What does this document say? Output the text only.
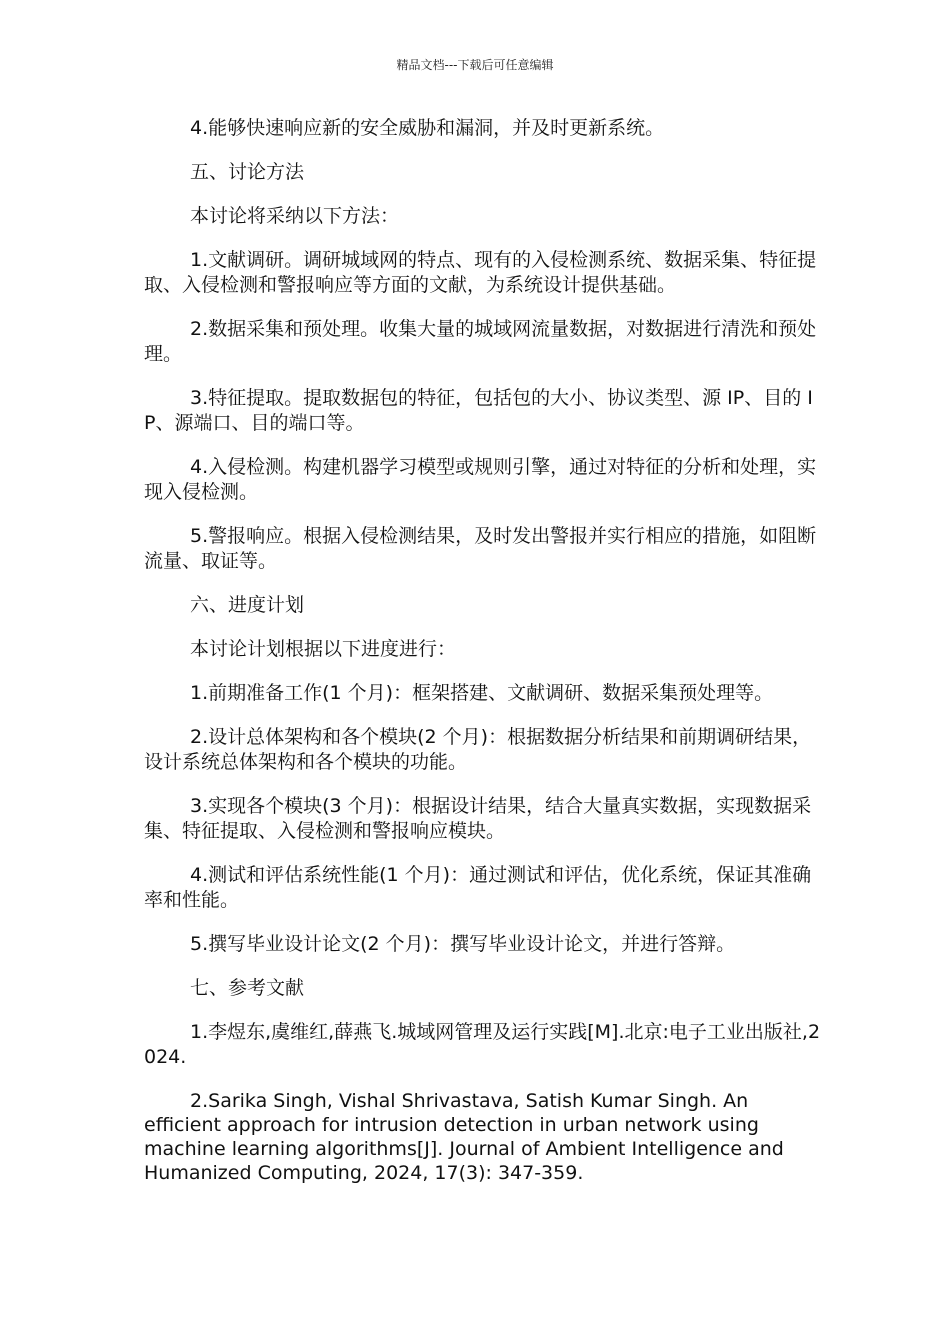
精品文档---下载后可任意编辑

4.能够快速响应新的安全威胁和漏洞，并及时更新系统。

五、讨论方法

本讨论将采纳以下方法：

1.文献调研。调研城域网的特点、现有的入侵检测系统、数据采集、特征提取、入侵检测和警报响应等方面的文献，为系统设计提供基础。

2.数据采集和预处理。收集大量的城域网流量数据，对数据进行清洗和预处理。

3.特征提取。提取数据包的特征，包括包的大小、协议类型、源 IP、目的 IP、源端口、目的端口等。

4.入侵检测。构建机器学习模型或规则引擎，通过对特征的分析和处理，实现入侵检测。

5.警报响应。根据入侵检测结果，及时发出警报并实行相应的措施，如阻断流量、取证等。

六、进度计划

本讨论计划根据以下进度进行：

1.前期准备工作(1 个月)：框架搭建、文献调研、数据采集预处理等。

2.设计总体架构和各个模块(2 个月)：根据数据分析结果和前期调研结果，设计系统总体架构和各个模块的功能。

3.实现各个模块(3 个月)：根据设计结果，结合大量真实数据，实现数据采集、特征提取、入侵检测和警报响应模块。

4.测试和评估系统性能(1 个月)：通过测试和评估，优化系统，保证其准确率和性能。

5.撰写毕业设计论文(2 个月)：撰写毕业设计论文，并进行答辩。

七、参考文献

1.李煜东,虞维红,薛燕飞.城域网管理及运行实践[M].北京:电子工业出版社,2024.

2.Sarika Singh, Vishal Shrivastava, Satish Kumar Singh. An efficient approach for intrusion detection in urban network using machine learning algorithms[J]. Journal of Ambient Intelligence and Humanized Computing, 2024, 17(3): 347-359.
